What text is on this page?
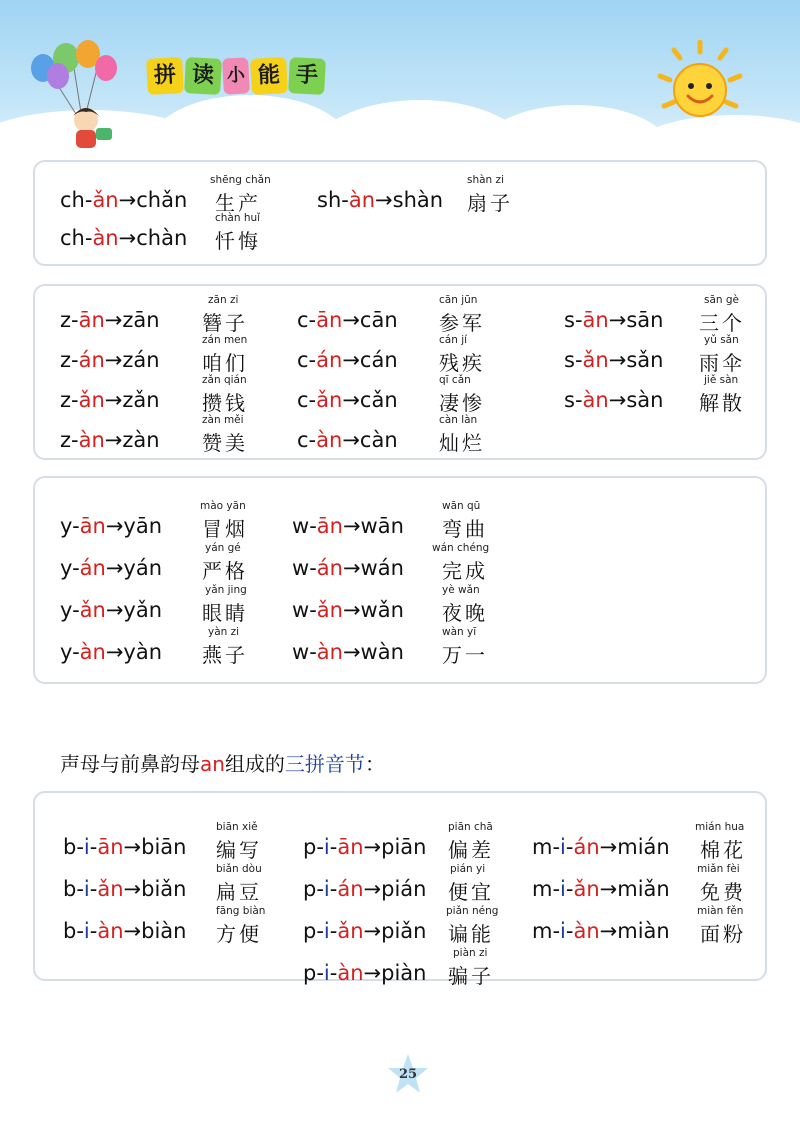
拼 读 小 能 手
ch-ǎn→chǎn
shēng chǎn
生产
ch-àn→chàn
chàn huǐ
忏悔
sh-àn→shàn
shàn zi
扇子
z-ān→zān
zān zi
簪子
z-án→zán
zán men
咱们
z-ǎn→zǎn
zǎn qián
攒钱
z-àn→zàn
zàn měi
赞美
c-ān→cān
cān jūn
参军
c-án→cán
cán jí
残疾
c-ǎn→cǎn
qī cǎn
凄惨
c-àn→càn
càn làn
灿烂
s-ān→sān
sān gè
三个
s-ǎn→sǎn
yǔ sǎn
雨伞
s-àn→sàn
jiě sàn
解散
y-ān→yān
mào yān
冒烟
y-án→yán
yán gé
严格
y-ǎn→yǎn
yǎn jing
眼睛
y-àn→yàn
yàn zi
燕子
w-ān→wān
wān qū
弯曲
w-án→wán
wán chéng
完成
w-ǎn→wǎn
yè wǎn
夜晚
w-àn→wàn
wàn yī
万一
声母与前鼻韵母an组成的三拼音节：
b-i-ān→biān
biān xiě
编写
b-i-ǎn→biǎn
biǎn dòu
扁豆
b-i-àn→biàn
fāng biàn
方便
p-i-ān→piān
piān chā
偏差
p-i-án→pián
pián yi
便宜
p-i-ǎn→piǎn
piǎn néng
谝能
p-i-àn→piàn
piàn zi
骗子
m-i-án→mián
mián hua
棉花
m-i-ǎn→miǎn
miǎn fèi
免费
m-i-àn→miàn
miàn fěn
面粉
25
